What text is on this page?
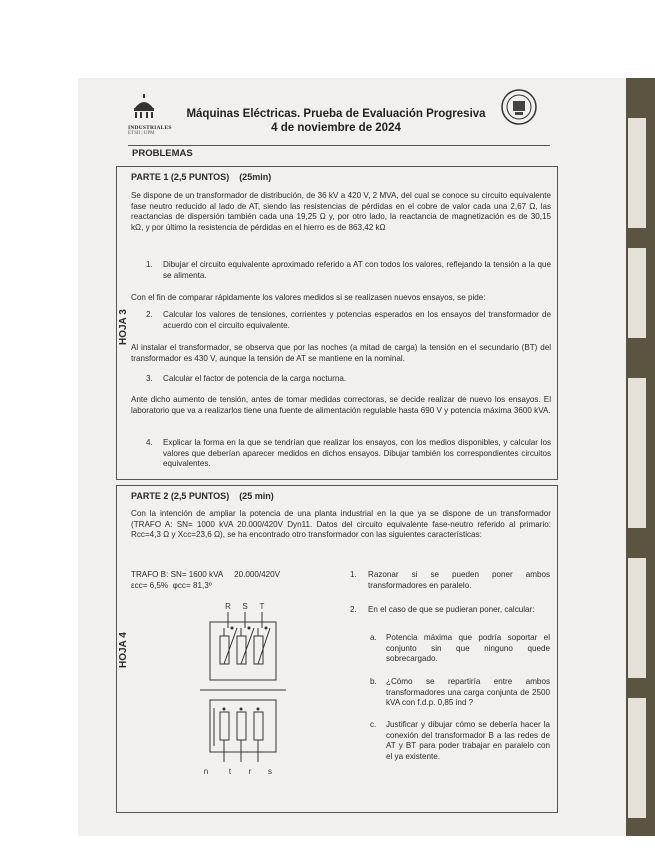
INDUSTRIALES
ETSII | UPM
Máquinas Eléctricas. Prueba de Evaluación Progresiva
4 de noviembre de 2024
PROBLEMAS
PARTE 1 (2,5 PUNTOS)    (25min)
HOJA 3
Se dispone de un transformador de distribución, de 36 kV a 420 V, 2 MVA, del cual se conoce su circuito equivalente fase neutro reducido al lado de AT, siendo las resistencias de pérdidas en el cobre de valor cada una 2,67 Ω, las reactancias de dispersión también cada una 19,25 Ω y, por otro lado, la reactancia de magnetización es de 30,15 kΩ, y por último la resistencia de pérdidas en el hierro es de 863,42 kΩ
1. Dibujar el circuito equivalente aproximado referido a AT con todos los valores, reflejando la tensión a la que se alimenta.
Con el fin de comparar rápidamente los valores medidos si se realizasen nuevos ensayos, se pide:
2. Calcular los valores de tensiones, corrientes y potencias esperados en los ensayos del transformador de acuerdo con el circuito equivalente.
Al instalar el transformador, se observa que por las noches (a mitad de carga) la tensión en el secundario (BT) del transformador es 430 V, aunque la tensión de AT se mantiene en la nominal.
3. Calcular el factor de potencia de la carga nocturna.
Ante dicho aumento de tensión, antes de tomar medidas correctoras, se decide realizar de nuevo los ensayos. El laboratorio que va a realizarlos tiene una fuente de alimentación regulable hasta 690 V y potencia máxima 3600 kVA.
4. Explicar la forma en la que se tendrían que realizar los ensayos, con los medios disponibles, y calcular los valores que deberían aparecer medidos en dichos ensayos. Dibujar también los correspondientes circuitos equivalentes.
PARTE 2 (2,5 PUNTOS)    (25 min)
HOJA 4
Con la intención de ampliar la potencia de una planta industrial en la que ya se dispone de un transformador (TRAFO A: SN= 1000 kVA 20.000/420V Dyn11. Datos del circuito equivalente fase-neutro referido al primario: Rcc=4,3 Ω y Xcc=23,6 Ω), se ha encontrado otro transformador con las siguientes características:
TRAFO B: SN= 1600 kVA     20.000/420V
εcc= 6,5%  φcc= 81,3º
R S T
n	t r s
1. Razonar si se pueden poner ambos transformadores en paralelo.
2. En el caso de que se pudieran poner, calcular:
a. Potencia máxima que podría soportar el conjunto sin que ninguno quede sobrecargado.
b. ¿Cómo se repartiría entre ambos transformadores una carga conjunta de 2500 kVA con f.d.p. 0,85 ind ?
c. Justificar y dibujar cómo se debería hacer la conexión del transformador B a las redes de AT y BT para poder trabajar en paralelo con el ya existente.
